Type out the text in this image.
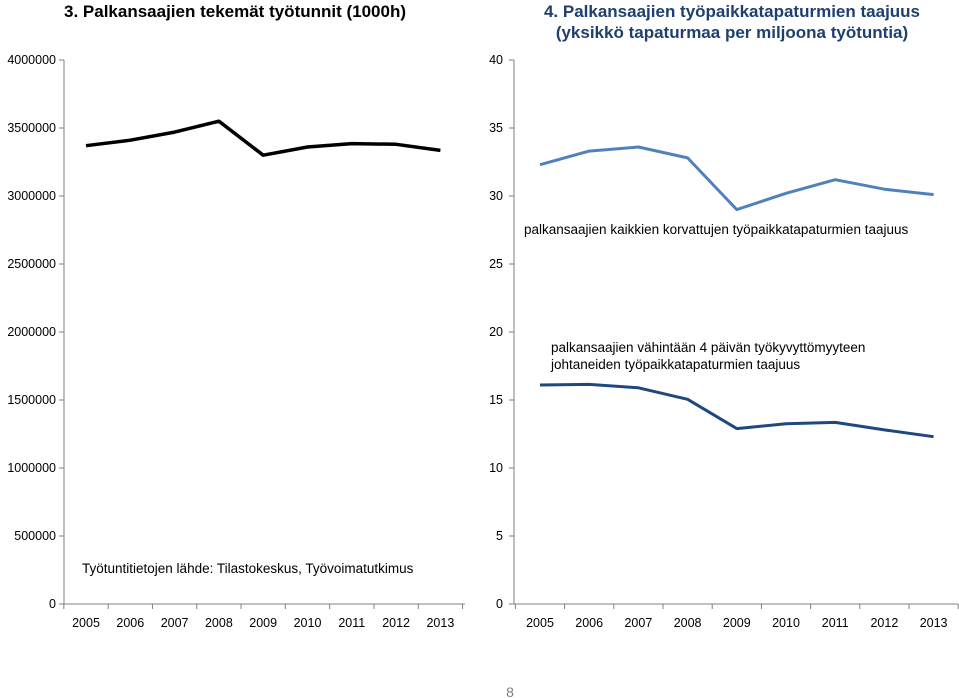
3. Palkansaajien tekemät työtunnit (1000h)
Työtuntitietojen lähde: Tilastokeskus, Työvoimatutkimus
4. Palkansaajien työpaikkatapaturmien taajuus
(yksikkö tapaturmaa per miljoona työtuntia)
palkansaajien kaikkien korvattujen työpaikkatapaturmien taajuus
palkansaajien vähintään 4 päivän työkyvyttömyyteen
johtaneiden työpaikkatapaturmien taajuus
0
500000
1000000
1500000
2000000
2500000
3000000
3500000
4000000
2005 2006 2007 2008 2009 2010 2011 2012 2013
0
5
10
15
20
25
30
35
40
2005 2006 2007 2008 2009 2010 2011 2012 2013
8
